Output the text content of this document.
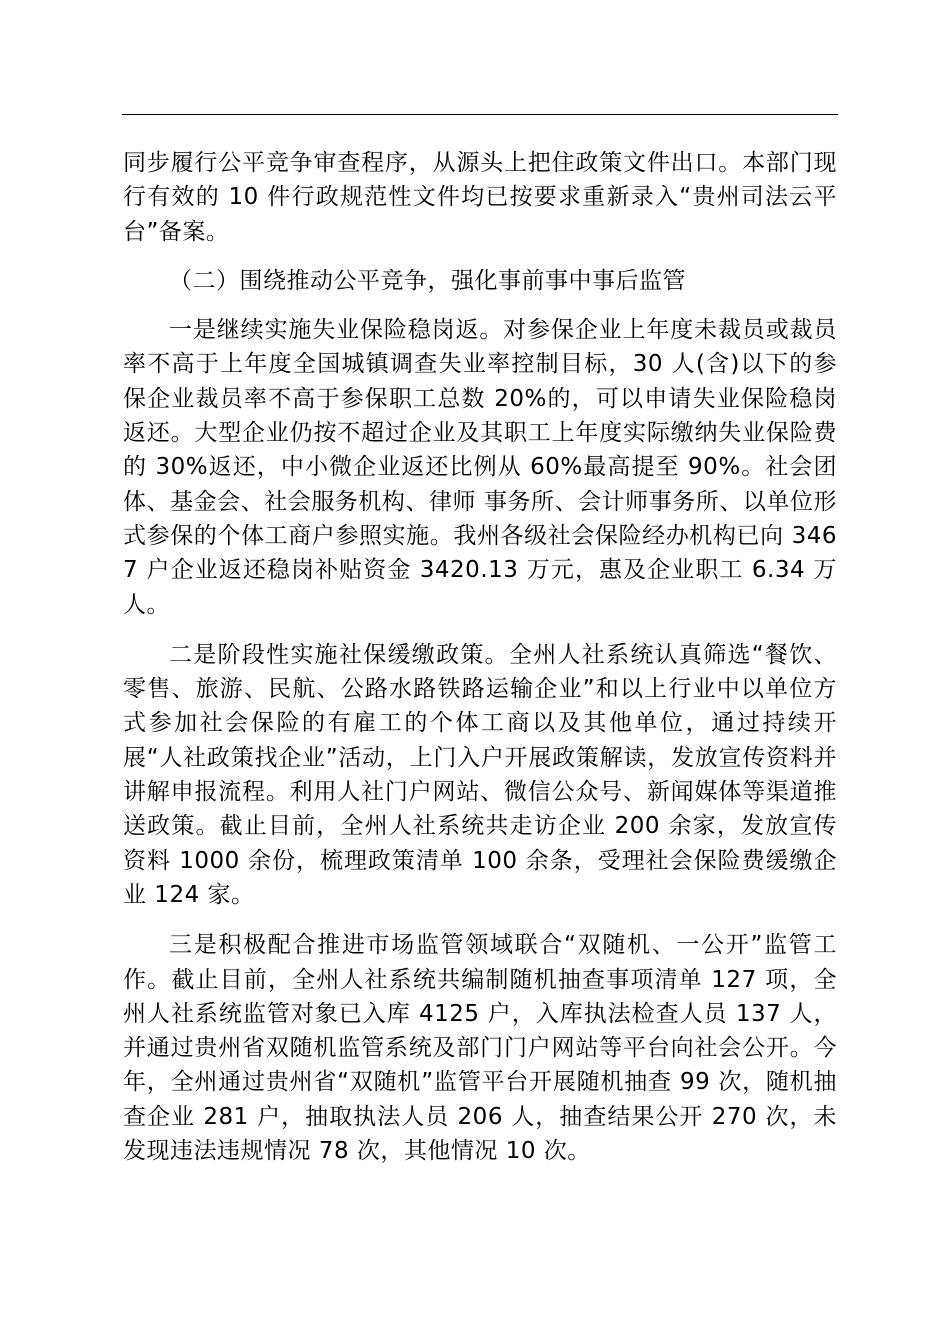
同步履行公平竞争审查程序，从源头上把住政策文件出口。本部门现行有效的 10 件行政规范性文件均已按要求重新录入“贵州司法云平台”备案。

（二）围绕推动公平竞争，强化事前事中事后监管

一是继续实施失业保险稳岗返。对参保企业上年度未裁员或裁员率不高于上年度全国城镇调查失业率控制目标，30 人(含)以下的参保企业裁员率不高于参保职工总数 20%的，可以申请失业保险稳岗返还。大型企业仍按不超过企业及其职工上年度实际缴纳失业保险费的 30%返还，中小微企业返还比例从 60%最高提至 90%。社会团体、基金会、社会服务机构、律师 事务所、会计师事务所、以单位形式参保的个体工商户参照实施。我州各级社会保险经办机构已向 3467 户企业返还稳岗补贴资金 3420.13 万元，惠及企业职工 6.34 万人。

二是阶段性实施社保缓缴政策。全州人社系统认真筛选“餐饮、零售、旅游、民航、公路水路铁路运输企业”和以上行业中以单位方式参加社会保险的有雇工的个体工商以及其他单位，通过持续开展“人社政策找企业”活动，上门入户开展政策解读，发放宣传资料并讲解申报流程。利用人社门户网站、微信公众号、新闻媒体等渠道推送政策。截止目前，全州人社系统共走访企业 200 余家，发放宣传资料 1000 余份，梳理政策清单 100 余条，受理社会保险费缓缴企业 124 家。

三是积极配合推进市场监管领域联合“双随机、一公开”监管工作。截止目前，全州人社系统共编制随机抽查事项清单 127 项，全州人社系统监管对象已入库 4125 户，入库执法检查人员 137 人，并通过贵州省双随机监管系统及部门门户网站等平台向社会公开。今年，全州通过贵州省“双随机”监管平台开展随机抽查 99 次，随机抽查企业 281 户，抽取执法人员 206 人，抽查结果公开 270 次，未发现违法违规情况 78 次，其他情况 10 次。
